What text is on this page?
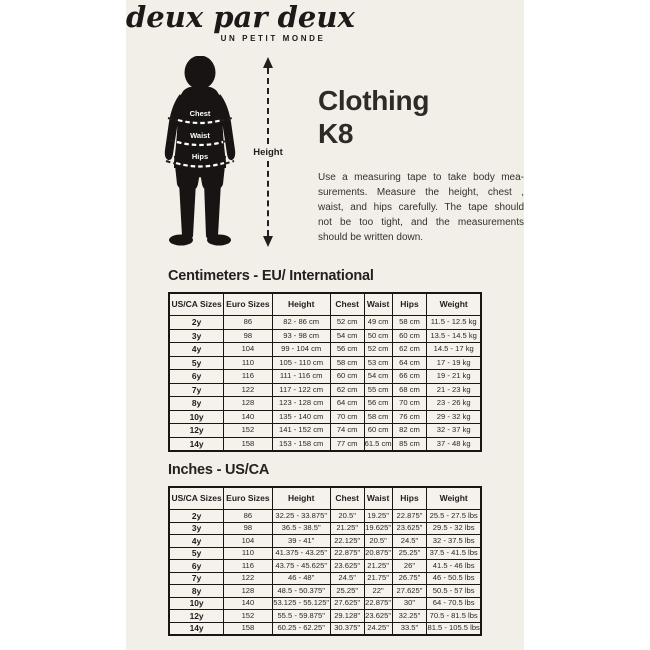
deux par deux
UN PETIT MONDE
Chest
Waist
Hips	Height
Clothing
K8
Use a measuring tape to take body mea-
surements. Measure the height, chest ,
waist, and hips carefully. The tape should
not be too tight, and the measurements
should be written down.
Centimeters - EU/ International
US/CA Sizes	Euro Sizes	Height	Chest	Waist	Hips	Weight
2y	86	82 - 86 cm	52 cm	49 cm	58 cm	11.5 - 12.5 kg
3y	98	93 - 98 cm	54 cm	50 cm	60 cm	13.5 - 14.5 kg
4y	104	99 - 104 cm	56 cm	52 cm	62 cm	14.5 - 17 kg
5y	110	105 - 110 cm	58 cm	53 cm	64 cm	17 - 19 kg
6y	116	111 - 116 cm	60 cm	54 cm	66 cm	19 - 21 kg
7y	122	117 - 122 cm	62 cm	55 cm	68 cm	21 - 23 kg
8y	128	123 - 128 cm	64 cm	56 cm	70 cm	23 - 26 kg
10y	140	135 - 140 cm	70 cm	58 cm	76 cm	29 - 32 kg
12y	152	141 - 152 cm	74 cm	60 cm	82 cm	32 - 37 kg
14y	158	153 - 158 cm	77 cm	61.5 cm	85 cm	37 - 48 kg
Inches - US/CA
US/CA Sizes	Euro Sizes	Height	Chest	Waist	Hips	Weight
2y	86	32.25 - 33.875"	20.5"	19.25"	22.875"	25.5 - 27.5 lbs
3y	98	36.5 - 38.5"	21.25"	19.625"	23.625"	29.5 - 32 lbs
4y	104	39 - 41"	22.125"	20.5"	24.5"	32 - 37.5 lbs
5y	110	41.375 - 43.25"	22.875"	20.875"	25.25"	37.5 - 41.5 lbs
6y	116	43.75 - 45.625"	23.625"	21.25"	26"	41.5 - 46 lbs
7y	122	46 - 48"	24.5"	21.75"	26.75"	46 - 50.5 lbs
8y	128	48.5 - 50.375"	25.25"	22"	27.625"	50.5 - 57 lbs
10y	140	53.125 - 55.125"	27.625"	22.875"	30"	64 - 70.5 lbs
12y	152	55.5 - 59.875"	29.128"	23.625"	32.25"	70.5 - 81.5 lbs
14y	158	60.25 - 62.25"	30.375"	24.25"	33.5"	81.5 - 105.5 lbs
